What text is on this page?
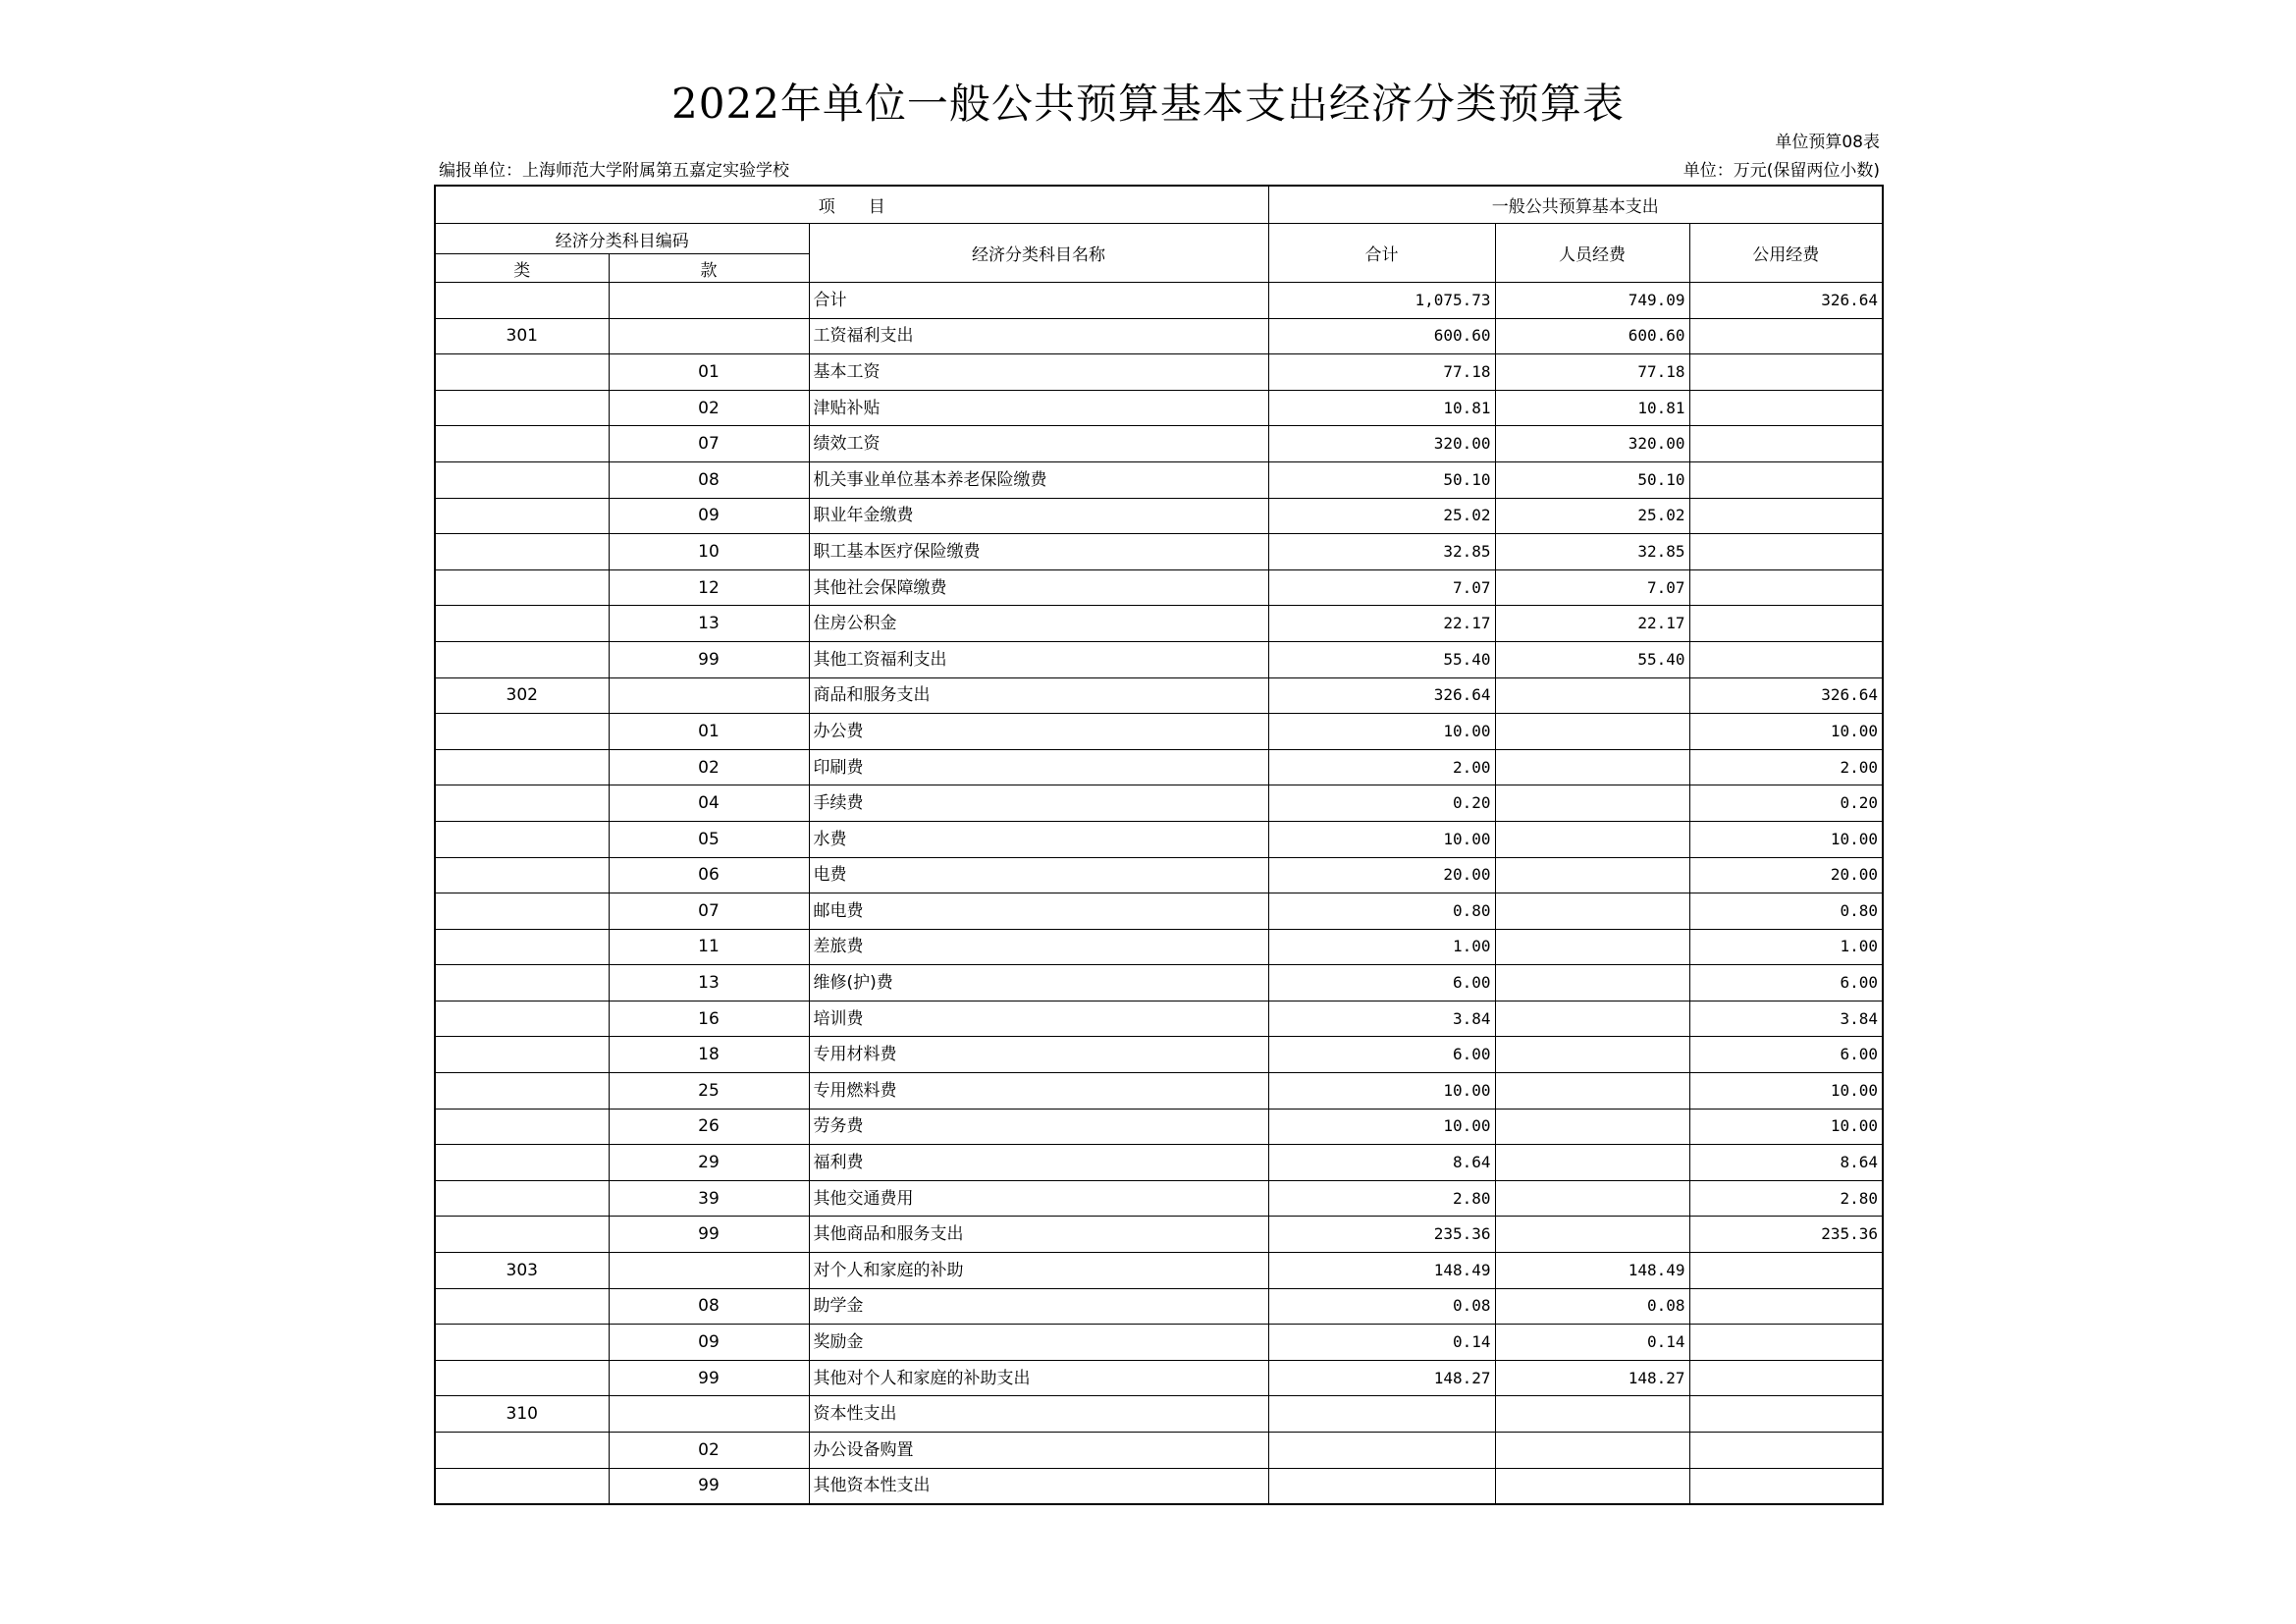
2022年单位一般公共预算基本支出经济分类预算表
单位预算08表
编报单位：上海师范大学附属第五嘉定实验学校	单位：万元(保留两位小数)
项　　目			一般公共预算基本支出		
经济分类科目编码		经济分类科目名称	合计	人员经费	公用经费
类	款				
		合计	1,075.73	749.09	326.64
301		工资福利支出	600.60	600.60	
	01	基本工资	77.18	77.18	
	02	津贴补贴	10.81	10.81	
	07	绩效工资	320.00	320.00	
	08	机关事业单位基本养老保险缴费	50.10	50.10	
	09	职业年金缴费	25.02	25.02	
	10	职工基本医疗保险缴费	32.85	32.85	
	12	其他社会保障缴费	7.07	7.07	
	13	住房公积金	22.17	22.17	
	99	其他工资福利支出	55.40	55.40	
302		商品和服务支出	326.64		326.64
	01	办公费	10.00		10.00
	02	印刷费	2.00		2.00
	04	手续费	0.20		0.20
	05	水费	10.00		10.00
	06	电费	20.00		20.00
	07	邮电费	0.80		0.80
	11	差旅费	1.00		1.00
	13	维修(护)费	6.00		6.00
	16	培训费	3.84		3.84
	18	专用材料费	6.00		6.00
	25	专用燃料费	10.00		10.00
	26	劳务费	10.00		10.00
	29	福利费	8.64		8.64
	39	其他交通费用	2.80		2.80
	99	其他商品和服务支出	235.36		235.36
303		对个人和家庭的补助	148.49	148.49	
	08	助学金	0.08	0.08	
	09	奖励金	0.14	0.14	
	99	其他对个人和家庭的补助支出	148.27	148.27	
310		资本性支出			
	02	办公设备购置			
	99	其他资本性支出			
